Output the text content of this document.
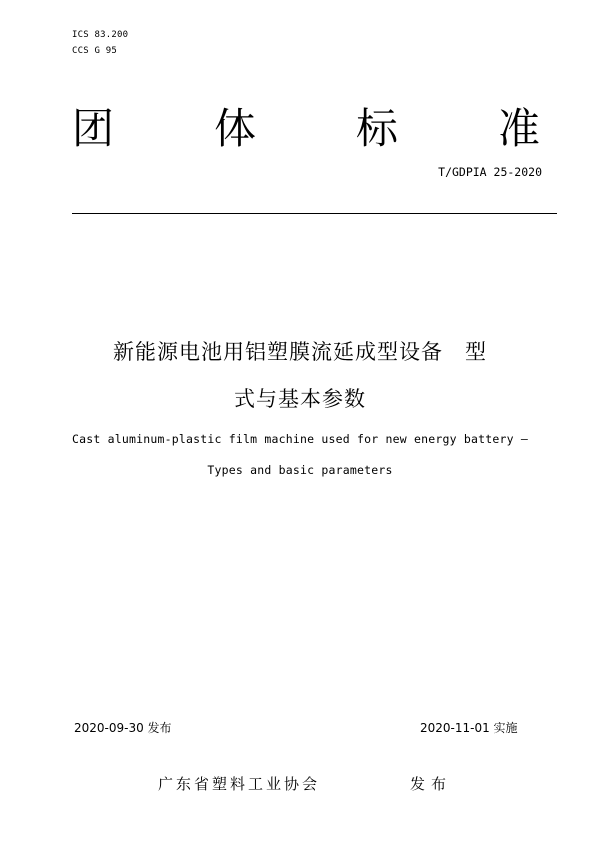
ICS 83.200
CCS G 95
团 体 标 准
T/GDPIA 25-2020
新能源电池用铝塑膜流延成型设备　型
式与基本参数
Cast aluminum-plastic film machine used for new energy battery —
Types and basic parameters
2020-09-30 发布	2020-11-01 实施
广东省塑料工业协会	发布
